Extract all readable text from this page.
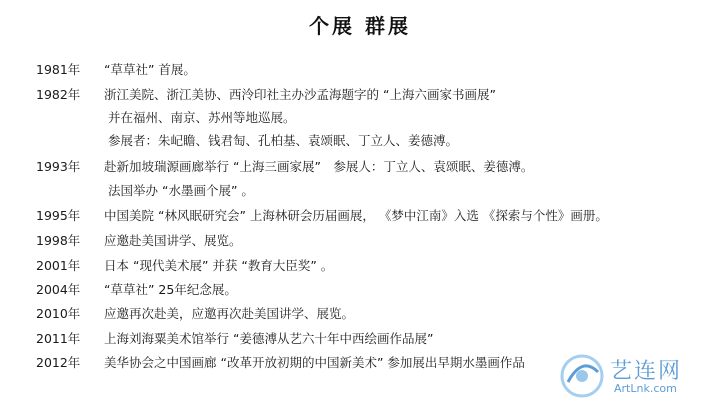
个展 群展
1981年 “草草社” 首展。
1982年 浙江美院、浙江美协、西泠印社主办沙孟海题字的 “上海六画家书画展”
并在福州、南京、苏州等地巡展。
参展者：朱屺瞻、钱君匋、孔柏基、袁颂眠、丁立人、姜德溥。
1993年 赴新加坡瑞源画廊举行 “上海三画家展”　参展人：丁立人、袁颂眠、姜德溥。
法国举办 “水墨画个展” 。
1995年 中国美院 “林风眠研究会” 上海林研会历届画展， 《梦中江南》入选 《探索与个性》画册。
1998年 应邀赴美国讲学、展览。
2001年 日本 “现代美术展” 并获 “教育大臣奖” 。
2004年 “草草社” 25年纪念展。
2010年 应邀再次赴美，应邀再次赴美国讲学、展览。
2011年 上海刘海粟美术馆举行 “姜德溥从艺六十年中西绘画作品展”
2012年 美华协会之中国画廊 “改革开放初期的中国新美术” 参加展出早期水墨画作品	艺连网
ArtLnk.com
